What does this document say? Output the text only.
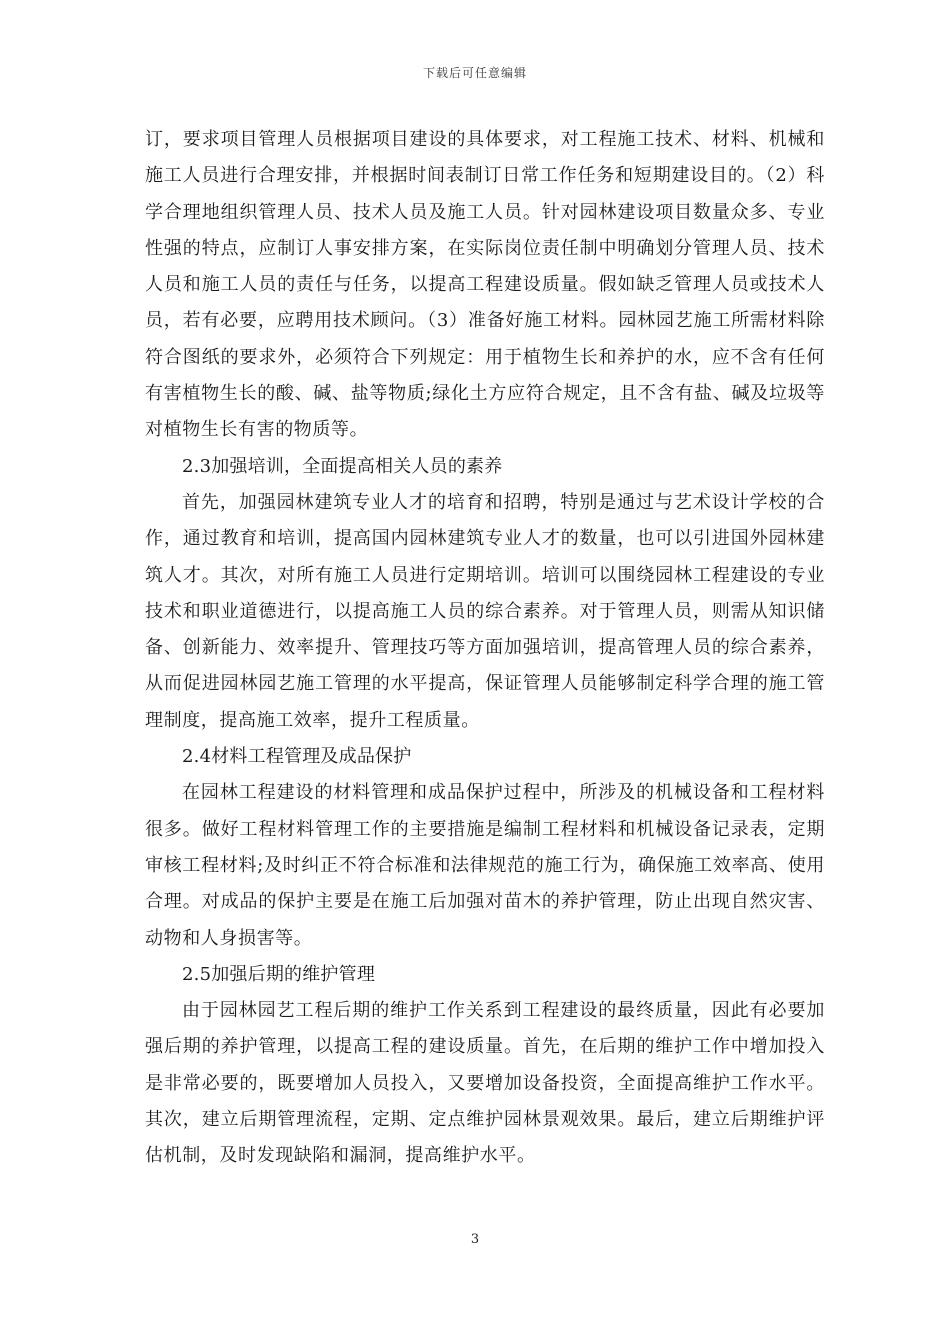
下载后可任意编辑

订，要求项目管理人员根据项目建设的具体要求，对工程施工技术、材料、机械和施工人员进行合理安排，并根据时间表制订日常工作任务和短期建设目的。（2）科学合理地组织管理人员、技术人员及施工人员。针对园林建设项目数量众多、专业性强的特点，应制订人事安排方案，在实际岗位责任制中明确划分管理人员、技术人员和施工人员的责任与任务，以提高工程建设质量。假如缺乏管理人员或技术人员，若有必要，应聘用技术顾问。（3）准备好施工材料。园林园艺施工所需材料除符合图纸的要求外，必须符合下列规定：用于植物生长和养护的水，应不含有任何有害植物生长的酸、碱、盐等物质;绿化土方应符合规定，且不含有盐、碱及垃圾等对植物生长有害的物质等。

2.3加强培训，全面提高相关人员的素养

首先，加强园林建筑专业人才的培育和招聘，特别是通过与艺术设计学校的合作，通过教育和培训，提高国内园林建筑专业人才的数量，也可以引进国外园林建筑人才。其次，对所有施工人员进行定期培训。培训可以围绕园林工程建设的专业技术和职业道德进行，以提高施工人员的综合素养。对于管理人员，则需从知识储备、创新能力、效率提升、管理技巧等方面加强培训，提高管理人员的综合素养，从而促进园林园艺施工管理的水平提高，保证管理人员能够制定科学合理的施工管理制度，提高施工效率，提升工程质量。

2.4材料工程管理及成品保护

在园林工程建设的材料管理和成品保护过程中，所涉及的机械设备和工程材料很多。做好工程材料管理工作的主要措施是编制工程材料和机械设备记录表，定期审核工程材料;及时纠正不符合标准和法律规范的施工行为，确保施工效率高、使用合理。对成品的保护主要是在施工后加强对苗木的养护管理，防止出现自然灾害、动物和人身损害等。

2.5加强后期的维护管理

由于园林园艺工程后期的维护工作关系到工程建设的最终质量，因此有必要加强后期的养护管理，以提高工程的建设质量。首先，在后期的维护工作中增加投入是非常必要的，既要增加人员投入，又要增加设备投资，全面提高维护工作水平。其次，建立后期管理流程，定期、定点维护园林景观效果。最后，建立后期维护评估机制，及时发现缺陷和漏洞，提高维护水平。

3
